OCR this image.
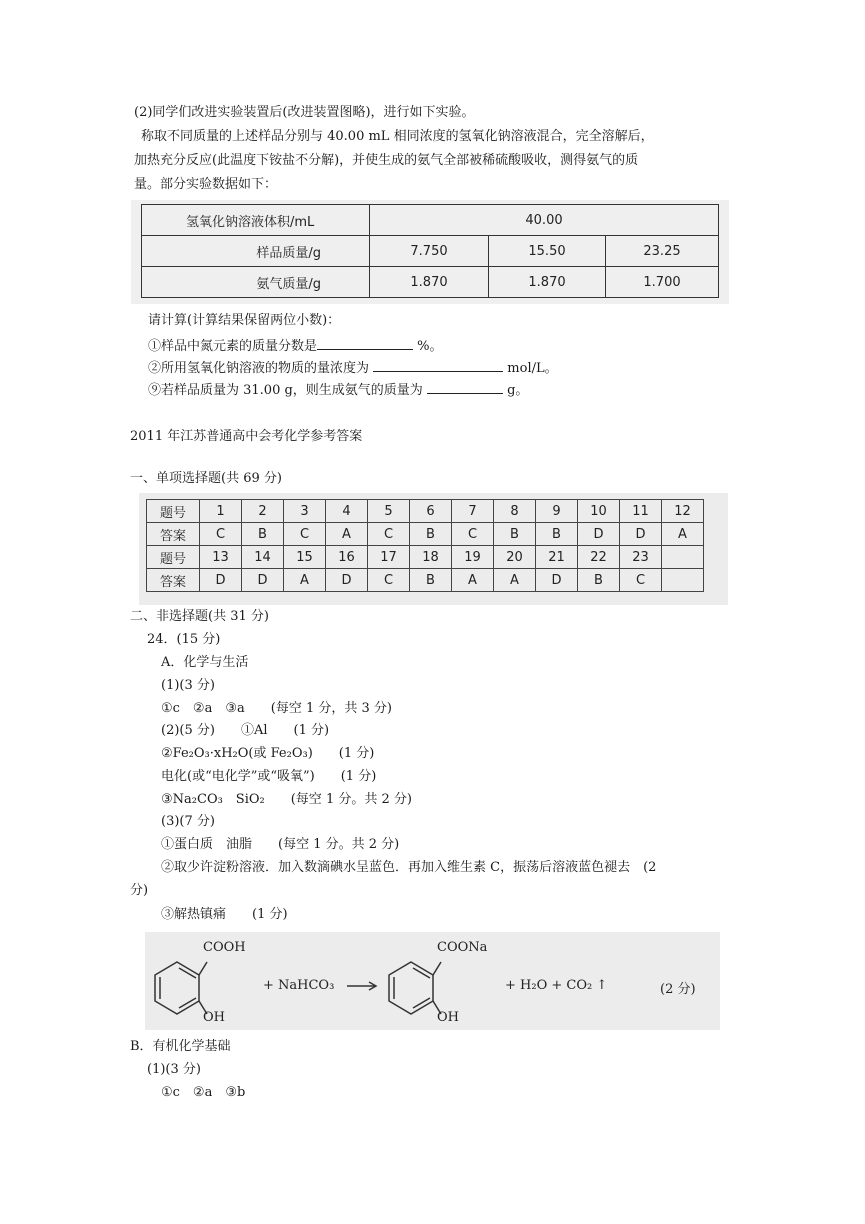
(2)同学们改进实验装置后(改进装置图略)，进行如下实验。
称取不同质量的上述样品分别与 40.00 mL 相同浓度的氢氧化钠溶液混合，完全溶解后，
加热充分反应(此温度下铵盐不分解)，并使生成的氨气全部被稀硫酸吸收，测得氨气的质
量。部分实验数据如下：
氢氧化钠溶液体积/mL		40.00		
	样品质量/g	7.750	15.50	23.25
	氨气质量/g	1.870	1.870	1.700
请计算(计算结果保留两位小数)：
①样品中氮元素的质量分数是	%。
②所用氢氧化钠溶液的物质的量浓度为	mol/L。
⑨若样品质量为 31.00 g，则生成氨气的质量为	g。
2011 年江苏普通高中会考化学参考答案
一、单项选择题(共 69 分)
题号	1	2	3	4	5	6	7	8	9	10	11	12
答案	C	B	C	A	C	B	C	B	B	D	D	A
题号	13	14	15	16	17	18	19	20	21	22	23	
答案	D	D	A	D	C	B	A	A	D	B	C	
二、非选择题(共 31 分)
24．(15 分)
A．化学与生活
(1)(3 分)
①c　②a　③a　　(每空 1 分，共 3 分)
(2)(5 分)　　①Al　　(1 分)
②Fe₂O₃·xH₂O(或 Fe₂O₃)　　(1 分)
电化(或“电化学”或“吸氧”)　　(1 分)
③Na₂CO₃　SiO₂　　(每空 1 分。共 2 分)
(3)(7 分)
①蛋白质　油脂　　(每空 1 分。共 2 分)
②取少许淀粉溶液．加入数滴碘水呈蓝色．再加入维生素 C，振荡后溶液蓝色褪去　(2
分)
③解热镇痛　　(1 分)
COOH
OH
+ NaHCO₃
COONa
OH
+ H₂O + CO₂ ↑	(2 分)
B．有机化学基础
(1)(3 分)
①c　②a　③b
